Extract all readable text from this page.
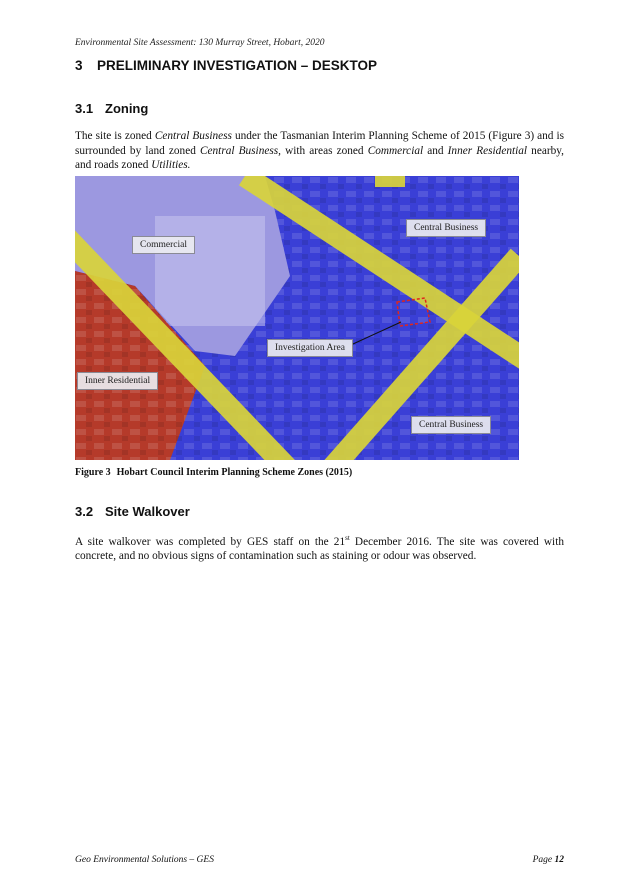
Environmental Site Assessment: 130 Murray Street, Hobart, 2020
3 PRELIMINARY INVESTIGATION – DESKTOP
3.1 Zoning
The site is zoned Central Business under the Tasmanian Interim Planning Scheme of 2015 (Figure 3) and is surrounded by land zoned Central Business, with areas zoned Commercial and Inner Residential nearby, and roads zoned Utilities.
Commercial
Central Business
Investigation Area
Inner Residential
Central Business
Figure 3 Hobart Council Interim Planning Scheme Zones (2015)
3.2 Site Walkover
A site walkover was completed by GES staff on the 21st December 2016. The site was covered with concrete, and no obvious signs of contamination such as staining or odour was observed.
Geo Environmental Solutions – GES	Page 12
